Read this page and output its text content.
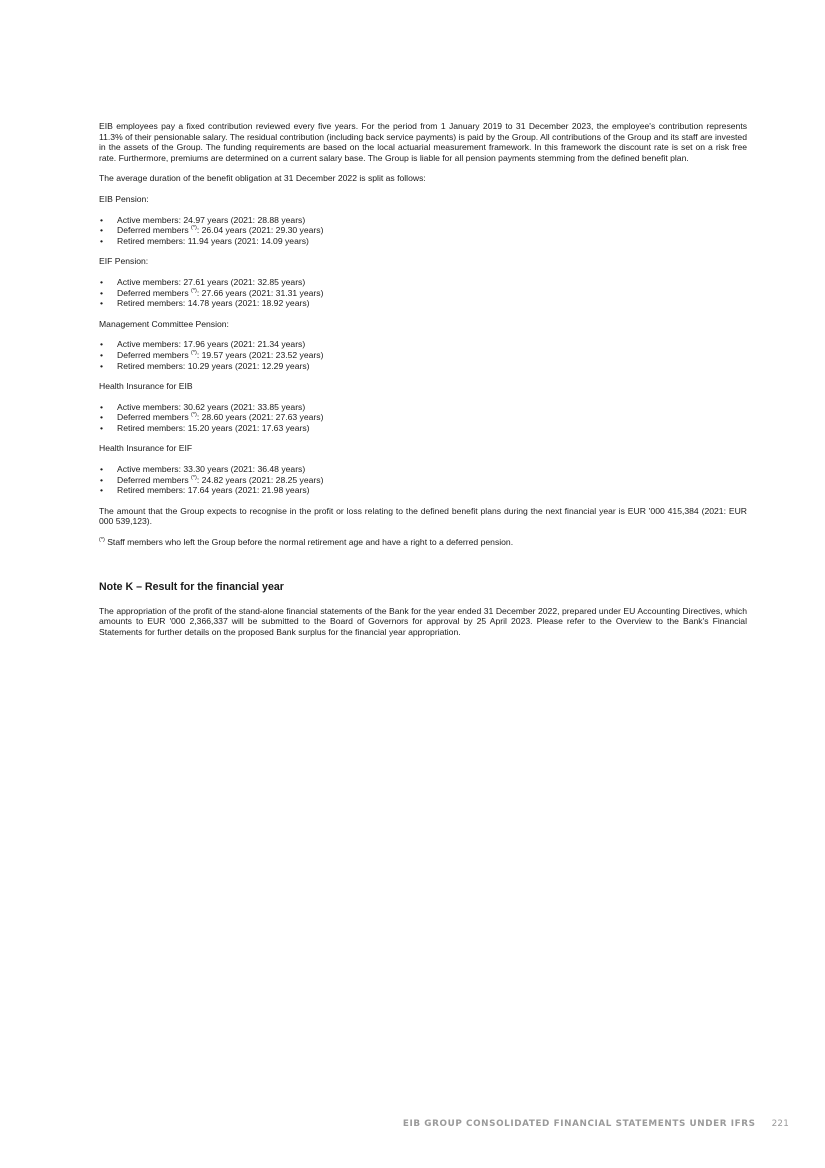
EIB employees pay a fixed contribution reviewed every five years. For the period from 1 January 2019 to 31 December 2023, the employee's contribution represents 11.3% of their pensionable salary. The residual contribution (including back service payments) is paid by the Group. All contributions of the Group and its staff are invested in the assets of the Group. The funding requirements are based on the local actuarial measurement framework. In this framework the discount rate is set on a risk free rate. Furthermore, premiums are determined on a current salary base. The Group is liable for all pension payments stemming from the defined benefit plan.

The average duration of the benefit obligation at 31 December 2022 is split as follows:

EIB Pension:

• Active members: 24.97 years (2021: 28.88 years)
• Deferred members (*): 26.04 years (2021: 29.30 years)
• Retired members: 11.94 years (2021: 14.09 years)

EIF Pension:

• Active members: 27.61 years (2021: 32.85 years)
• Deferred members (*): 27.66 years (2021: 31.31 years)
• Retired members: 14.78 years (2021: 18.92 years)

Management Committee Pension:

• Active members: 17.96 years (2021: 21.34 years)
• Deferred members (*): 19.57 years (2021: 23.52 years)
• Retired members: 10.29 years (2021: 12.29 years)

Health Insurance for EIB

• Active members: 30.62 years (2021: 33.85 years)
• Deferred members (*): 28.60 years (2021: 27.63 years)
• Retired members: 15.20 years (2021: 17.63 years)

Health Insurance for EIF

• Active members: 33.30 years (2021: 36.48 years)
• Deferred members (*): 24.82 years (2021: 28.25 years)
• Retired members: 17.64 years (2021: 21.98 years)

The amount that the Group expects to recognise in the profit or loss relating to the defined benefit plans during the next financial year is EUR '000 415,384 (2021: EUR 000 539,123).

(*) Staff members who left the Group before the normal retirement age and have a right to a deferred pension.

Note K – Result for the financial year

The appropriation of the profit of the stand-alone financial statements of the Bank for the year ended 31 December 2022, prepared under EU Accounting Directives, which amounts to EUR '000 2,366,337 will be submitted to the Board of Governors for approval by 25 April 2023. Please refer to the Overview to the Bank's Financial Statements for further details on the proposed Bank surplus for the financial year appropriation.

EIB GROUP CONSOLIDATED FINANCIAL STATEMENTS UNDER IFRS 221
